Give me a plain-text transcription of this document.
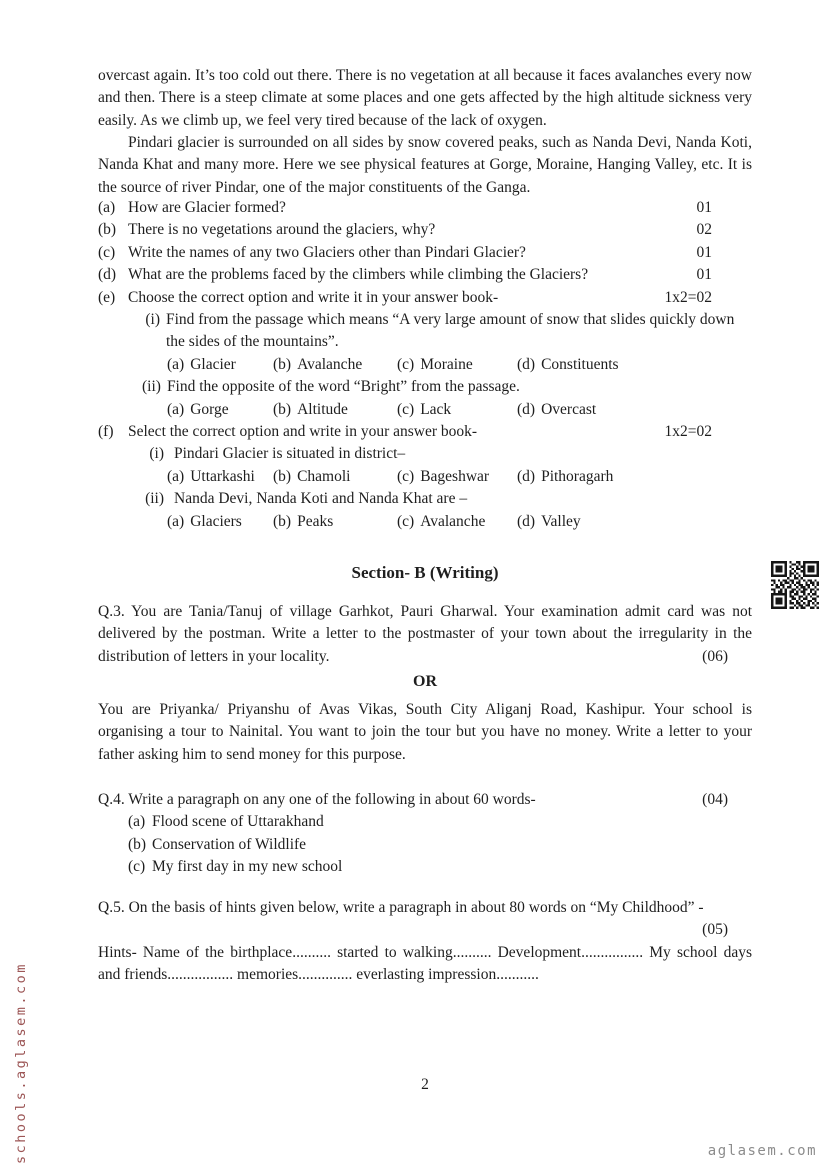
overcast again. It’s too cold out there. There is no vegetation at all because it faces avalanches every now and then. There is a steep climate at some places and one gets affected by the high altitude sickness very easily. As we climb up, we feel very tired because of the lack of oxygen.

Pindari glacier is surrounded on all sides by snow covered peaks, such as Nanda Devi, Nanda Koti, Nanda Khat and many more. Here we see physical features at Gorge, Moraine, Hanging Valley, etc. It is the source of river Pindar, one of the major constituents of the Ganga.

(a) How are Glacier formed?	01
(b) There is no vegetations around the glaciers, why?	02
(c) Write the names of any two Glaciers other than Pindari Glacier?	01
(d) What are the problems faced by the climbers while climbing the Glaciers?	01
(e) Choose the correct option and write it in your answer book-	1x2=02
(i) Find from the passage which means “A very large amount of snow that slides quickly down the sides of the mountains”.
(a) Glacier	(b) Avalanche	(c) Moraine	(d) Constituents
(ii) Find the opposite of the word “Bright” from the passage.
(a) Gorge	(b) Altitude	(c) Lack	(d) Overcast
(f) Select the correct option and write in your answer book-	1x2=02
(i) Pindari Glacier is situated in district–
(a) Uttarkashi	(b) Chamoli	(c) Bageshwar	(d) Pithoragarh
(ii) Nanda Devi, Nanda Koti and Nanda Khat are –
(a) Glaciers	(b) Peaks	(c) Avalanche	(d) Valley
Section- B (Writing)
Q.3. You are Tania/Tanuj of village Garhkot, Pauri Gharwal. Your examination admit card was not delivered by the postman. Write a letter to the postmaster of your town about the irregularity in the distribution of letters in your locality.	(06)
OR

You are Priyanka/ Priyanshu of Avas Vikas, South City Aliganj Road, Kashipur. Your school is organising a tour to Nainital. You want to join the tour but you have no money. Write a letter to your father asking him to send money for this purpose.

Q.4. Write a paragraph on any one of the following in about 60 words-	(04)
(a) Flood scene of Uttarakhand
(b) Conservation of Wildlife
(c) My first day in my new school
Q.5. On the basis of hints given below, write a paragraph in about 80 words on “My Childhood” -
(05)
Hints- Name of the birthplace.......... started to walking.......... Development................ My school days and friends................. memories.............. everlasting impression...........
2
schools.aglasem.com	aglasem.com
